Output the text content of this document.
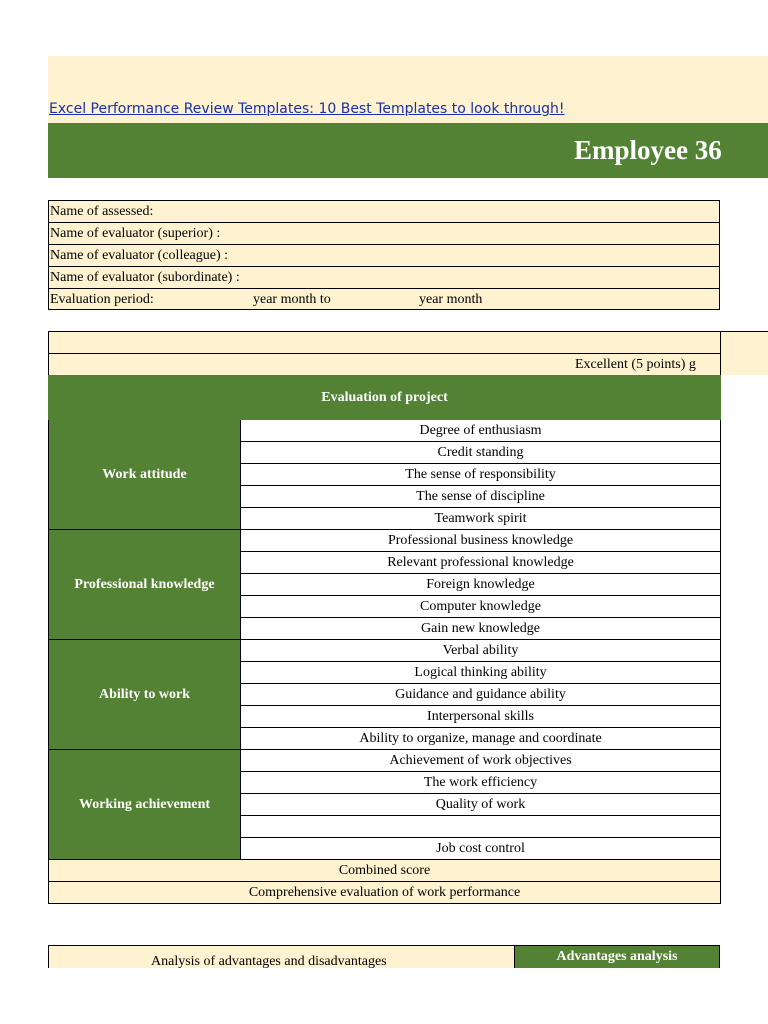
Excel Performance Review Templates: 10 Best Templates to look through!
Employee 36
Name of assessed:
Name of evaluator (superior) :
Name of evaluator (colleague) :
Name of evaluator (subordinate) :
Evaluation period:	year month to	year month
Excellent (5 points) g
Evaluation of project	
Work attitude	Degree of enthusiasm
	Credit standing
	The sense of responsibility
	The sense of discipline
	Teamwork spirit
Professional knowledge	Professional business knowledge
	Relevant professional knowledge
	Foreign knowledge
	Computer knowledge
	Gain new knowledge
Ability to work	Verbal ability
	Logical thinking ability
	Guidance and guidance ability
	Interpersonal skills
	Ability to organize, manage and coordinate
Working achievement	Achievement of work objectives
	The work efficiency
	Quality of work

	Job cost control
Combined score	
Comprehensive evaluation of work performance	
Analysis of advantages and disadvantages	Advantages analysis
